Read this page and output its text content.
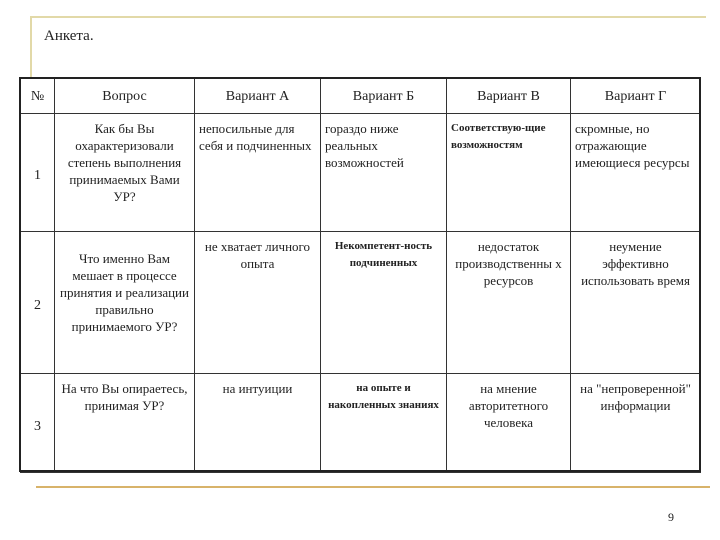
Анкета.
№	Вопрос	Вариант А	Вариант Б	Вариант В	Вариант Г
1	Как бы Вы охарактеризовали степень выполнения принимаемых Вами УР?	непосильные для себя и подчиненных	гораздо ниже реальных возможностей	Соответствую-щие возможностям	скромные, но отражающие имеющиеся ресурсы
2	Что именно Вам мешает в процессе принятия и реализации правильно принимаемого УР?	не хватает личного опыта	Некомпетент-ность подчиненных	недостаток производственны х ресурсов	неумение эффективно использовать время
3	На что Вы опираетесь, принимая УР?	на интуиции	на опыте и накопленных знаниях	на мнение авторитетного человека	на "непроверенной" информации
9
